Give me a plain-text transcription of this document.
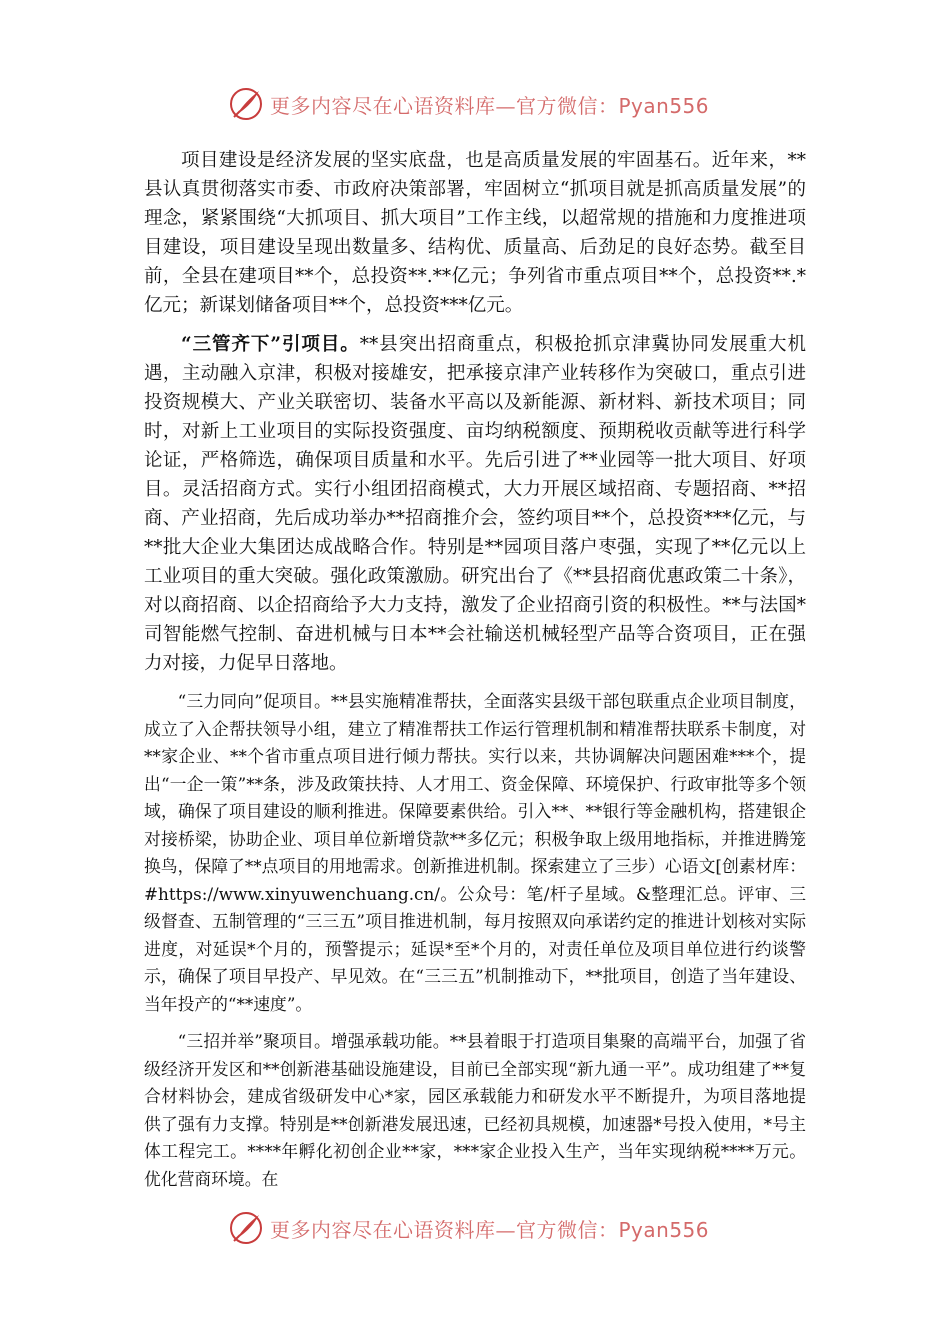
更多内容尽在心语资料库—官方微信：Pyan556

项目建设是经济发展的坚实底盘，也是高质量发展的牢固基石。近年来，**县认真贯彻落实市委、市政府决策部署，牢固树立“抓项目就是抓高质量发展”的理念，紧紧围绕“大抓项目、抓大项目”工作主线，以超常规的措施和力度推进项目建设，项目建设呈现出数量多、结构优、质量高、后劲足的良好态势。截至目前，全县在建项目**个，总投资**.**亿元；争列省市重点项目**个，总投资**.*亿元；新谋划储备项目**个，总投资***亿元。

“三管齐下”引项目。**县突出招商重点，积极抢抓京津冀协同发展重大机遇，主动融入京津，积极对接雄安，把承接京津产业转移作为突破口，重点引进投资规模大、产业关联密切、装备水平高以及新能源、新材料、新技术项目；同时，对新上工业项目的实际投资强度、亩均纳税额度、预期税收贡献等进行科学论证，严格筛选，确保项目质量和水平。先后引进了**业园等一批大项目、好项目。灵活招商方式。实行小组团招商模式，大力开展区域招商、专题招商、**招商、产业招商，先后成功举办**招商推介会，签约项目**个，总投资***亿元，与**批大企业大集团达成战略合作。特别是**园项目落户枣强，实现了**亿元以上工业项目的重大突破。强化政策激励。研究出台了《**县招商优惠政策二十条》，对以商招商、以企招商给予大力支持，激发了企业招商引资的积极性。**与法国*司智能燃气控制、奋进机械与日本**会社输送机械轻型产品等合资项目，正在强力对接，力促早日落地。

“三力同向”促项目。**县实施精准帮扶，全面落实县级干部包联重点企业项目制度，成立了入企帮扶领导小组，建立了精准帮扶工作运行管理机制和精准帮扶联系卡制度，对**家企业、**个省市重点项目进行倾力帮扶。实行以来，共协调解决问题困难***个，提出“一企一策”**条，涉及政策扶持、人才用工、资金保障、环境保护、行政审批等多个领域，确保了项目建设的顺利推进。保障要素供给。引入**、**银行等金融机构，搭建银企对接桥梁，协助企业、项目单位新增贷款**多亿元；积极争取上级用地指标，并推进腾笼换鸟，保障了**点项目的用地需求。创新推进机制。探索建立了三步）心语文[创素材库：#https://www.xinyuwenchuang.cn/。公众号：笔/杆子星域。&整理汇总。评审、三级督查、五制管理的“三三五”项目推进机制，每月按照双向承诺约定的推进计划核对实际进度，对延误*个月的，预警提示；延误*至*个月的，对责任单位及项目单位进行约谈警示，确保了项目早投产、早见效。在“三三五”机制推动下，**批项目，创造了当年建设、当年投产的“**速度”。

“三招并举”聚项目。增强承载功能。**县着眼于打造项目集聚的高端平台，加强了省级经济开发区和**创新港基础设施建设，目前已全部实现“新九通一平”。成功组建了**复合材料协会，建成省级研发中心*家，园区承载能力和研发水平不断提升，为项目落地提供了强有力支撑。特别是**创新港发展迅速，已经初具规模，加速器*号投入使用，*号主体工程完工。****年孵化初创企业**家，***家企业投入生产，当年实现纳税****万元。优化营商环境。在

更多内容尽在心语资料库—官方微信：Pyan556
